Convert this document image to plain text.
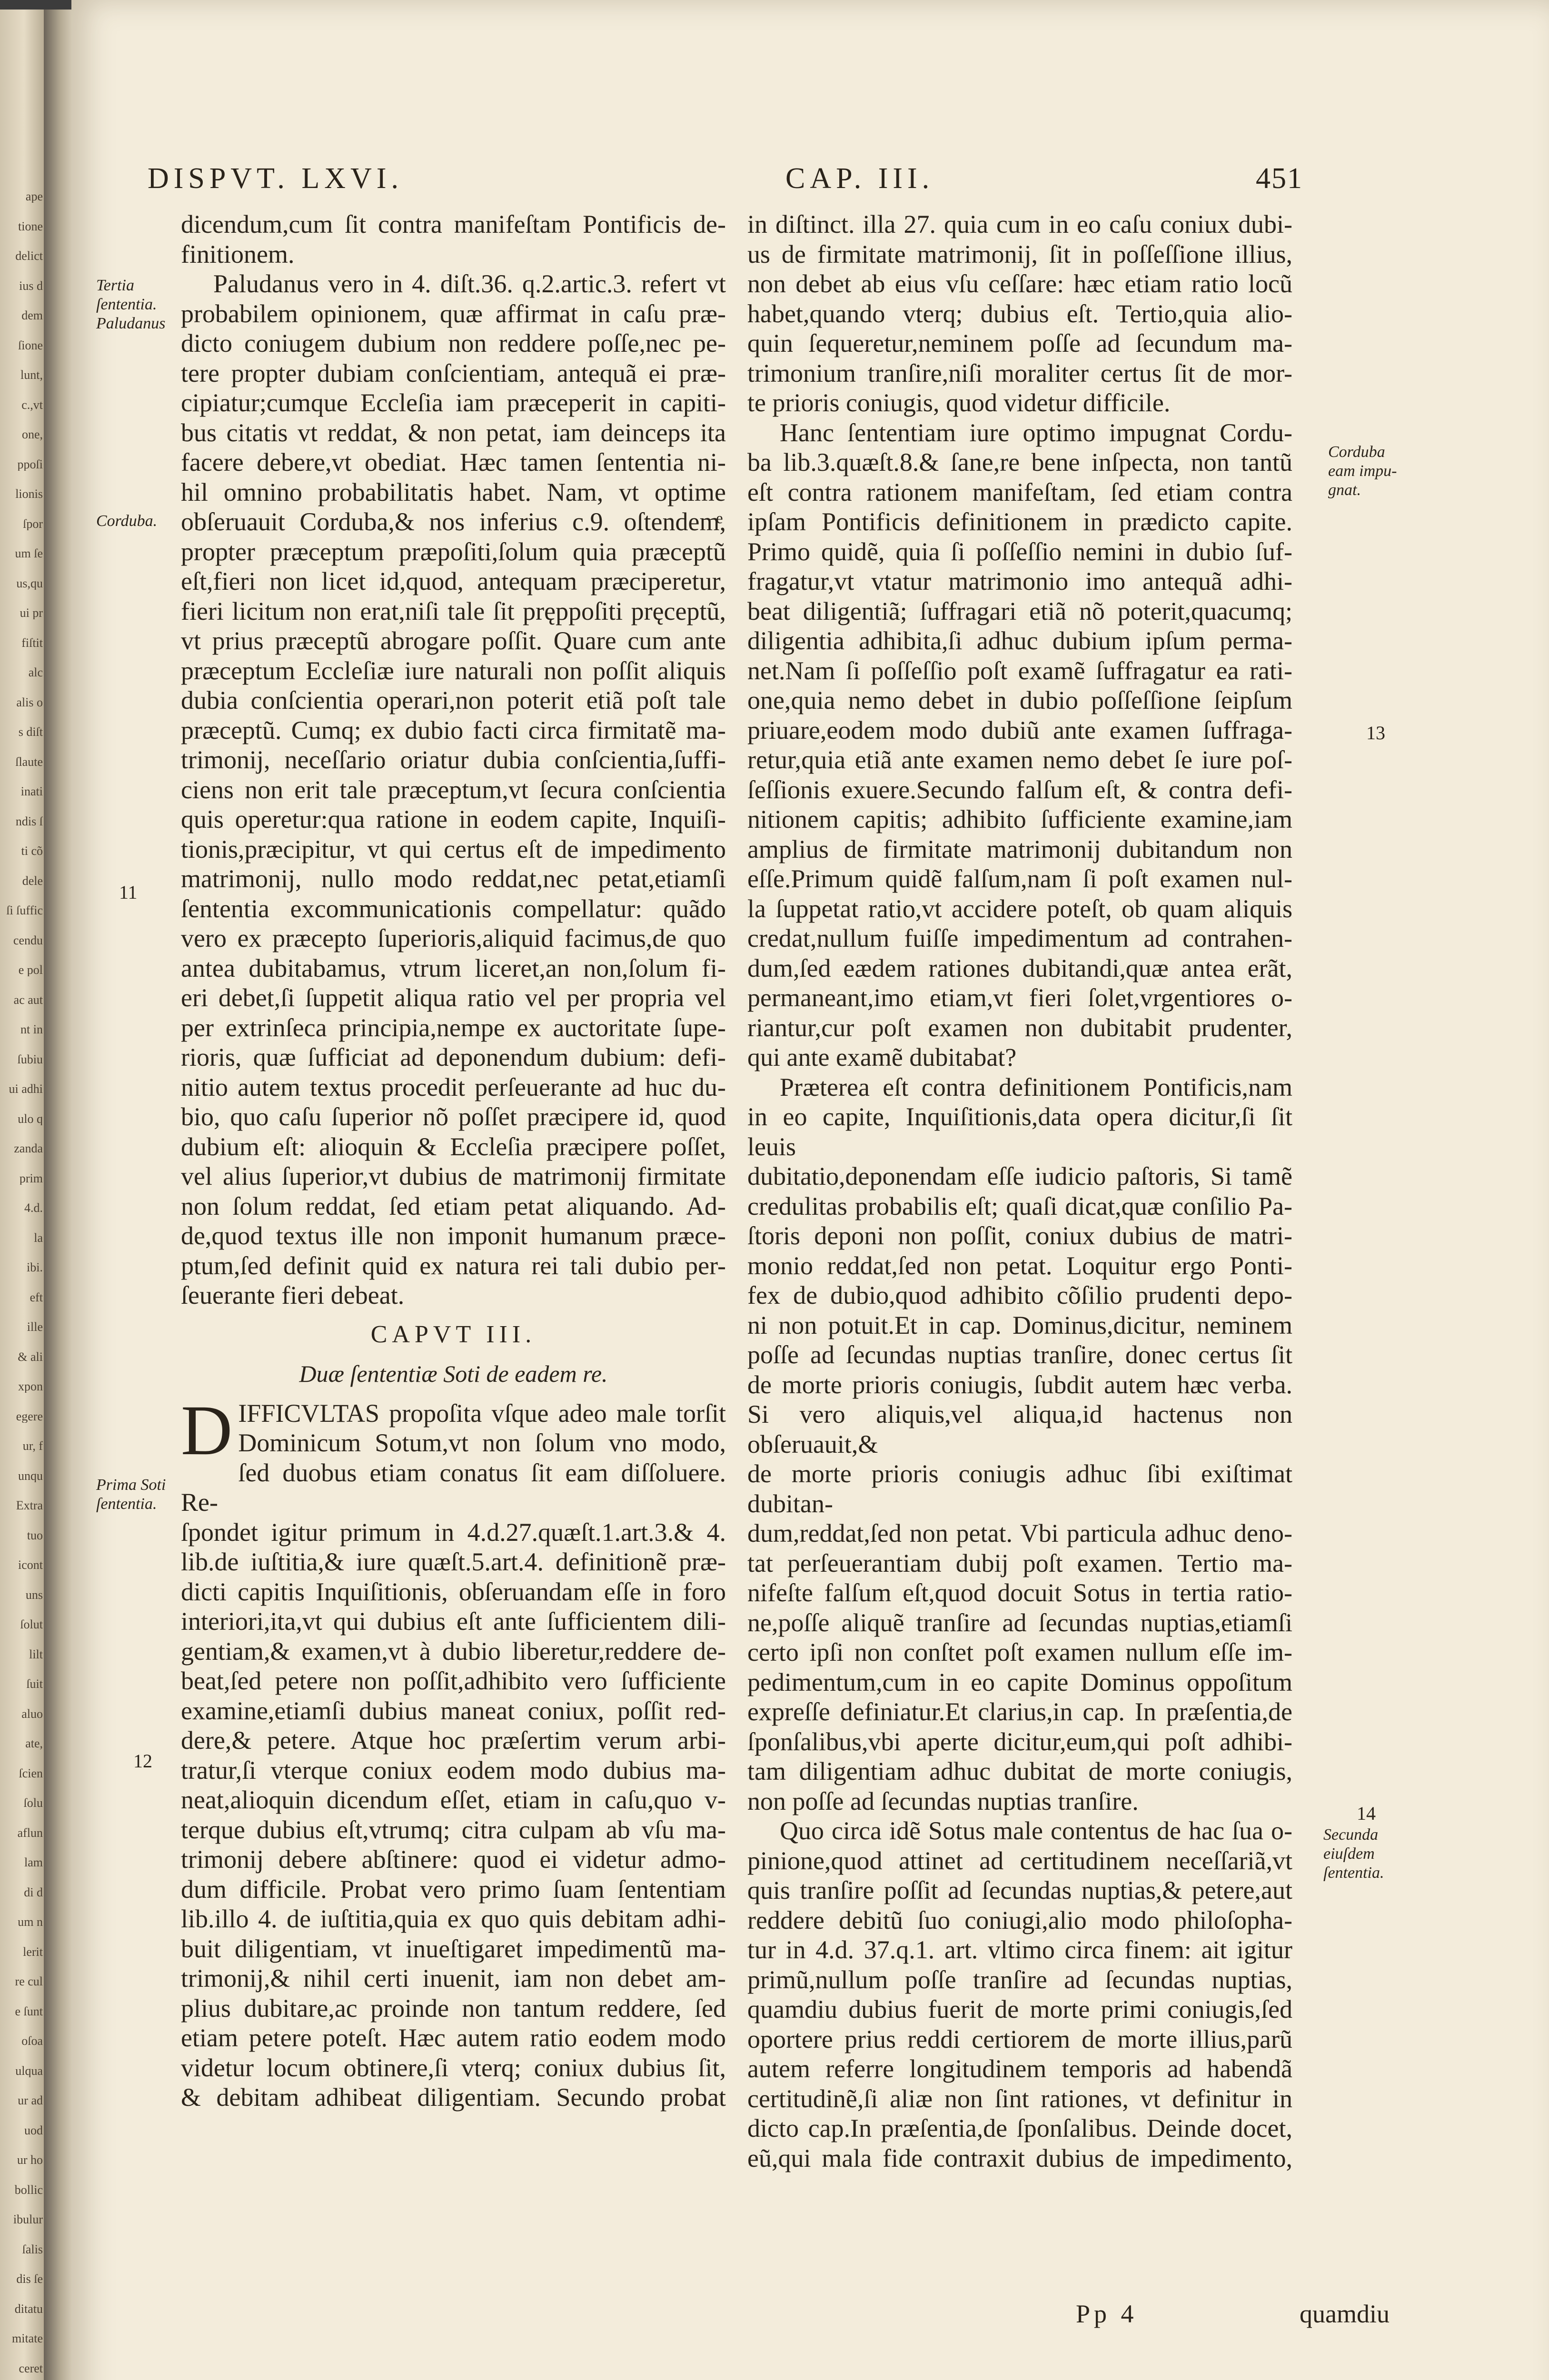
ape
tione
delict
ius d
dem
ſione
lunt,
c.,vt
one,
ppoſi
lionis
ſpor
um ſe
us,qu
ui pr
fiſtit
alc
alis o
s diſt
ſlaute
inati
ndis ſ
ti cõ
dele
ſi ſuffic
cendu
e pol
ac aut
nt in
ſubiu
ui adhi
ulo q
zanda
prim
4.d.
la
ibi.
eft
ille
& ali
xpon
egere
ur, f
unqu
Extra
tuo
icont
uns
ſolut
lilt
ſuit
aluo
ate,
ſcien
ſolu
aflun
lam
di d
um n
lerit
re cul
e ſunt
oſoa
ulqua
ur ad
uod
ur ho
bollic
ibulur
ſalis
dis ſe
ditatu
mitate
ceret
DISPVT. LXVI.	CAP. III.	451

dicendum,cum ſit contra manifeſtam Pontificis de-

finitionem.

Paludanus vero in 4. diſt.36. q.2.artic.3. refert vt

probabilem opinionem, quæ affirmat in caſu præ-

dicto coniugem dubium non reddere poſſe,nec pe-

tere propter dubiam conſcientiam, antequã ei præ-

cipiatur;cumque Eccleſia iam præceperit in capiti-

bus citatis vt reddat, & non petat, iam deinceps ita

facere debere,vt obediat. Hæc tamen ſententia ni-

hil omnino probabilitatis habet. Nam, vt optime

obſeruauit Corduba,& nos inferius c.9. oſtendemͤ,

propter præceptum præpoſiti,ſolum quia præceptũ

eſt,fieri non licet id,quod, antequam præciperetur,

fieri licitum non erat,niſi tale ſit pręppoſiti pręceptũ,

vt prius præceptũ abrogare poſſit. Quare cum ante

præceptum Eccleſiæ iure naturali non poſſit aliquis

dubia conſcientia operari,non poterit etiã poſt tale

præceptũ. Cumq; ex dubio facti circa firmitatẽ ma-

trimonij, neceſſario oriatur dubia conſcientia,ſuffi-

ciens non erit tale præceptum,vt ſecura conſcientia

quis operetur:qua ratione in eodem capite, Inquiſi-

tionis,præcipitur, vt qui certus eſt de impedimento

matrimonij, nullo modo reddat,nec petat,etiamſi

ſententia excommunicationis compellatur: quãdo

vero ex præcepto ſuperioris,aliquid facimus,de quo

antea dubitabamus, vtrum liceret,an non,ſolum fi-

eri debet,ſi ſuppetit aliqua ratio vel per propria vel

per extrinſeca principia,nempe ex auctoritate ſupe-

rioris, quæ ſufficiat ad deponendum dubium: defi-

nitio autem textus procedit perſeuerante ad huc du-

bio, quo caſu ſuperior nõ poſſet præcipere id, quod

dubium eſt: alioquin & Eccleſia præcipere poſſet,

vel alius ſuperior,vt dubius de matrimonij firmitate

non ſolum reddat, ſed etiam petat aliquando. Ad-

de,quod textus ille non imponit humanum præce-

ptum,ſed definit quid ex natura rei tali dubio per-

ſeuerante fieri debeat.

CAPVT III.

Duæ ſententiæ Soti de eadem re.

D IFFICVLTAS propoſita vſque adeo male torſit

Dominicum Sotum,vt non ſolum vno modo,

ſed duobus etiam conatus ſit eam diſſoluere. Re-

ſpondet igitur primum in 4.d.27.quæſt.1.art.3.& 4.

lib.de iuſtitia,& iure quæſt.5.art.4. definitionẽ præ-

dicti capitis Inquiſitionis, obſeruandam eſſe in foro

interiori,ita,vt qui dubius eſt ante ſufficientem dili-

gentiam,& examen,vt à dubio liberetur,reddere de-

beat,ſed petere non poſſit,adhibito vero ſufficiente

examine,etiamſi dubius maneat coniux, poſſit red-

dere,& petere. Atque hoc præſertim verum arbi-

tratur,ſi vterque coniux eodem modo dubius ma-

neat,alioquin dicendum eſſet, etiam in caſu,quo v-

terque dubius eſt,vtrumq; citra culpam ab vſu ma-

trimonij debere abſtinere: quod ei videtur admo-

dum difficile. Probat vero primo ſuam ſententiam

lib.illo 4. de iuſtitia,quia ex quo quis debitam adhi-

buit diligentiam, vt inueſtigaret impedimentũ ma-

trimonij,& nihil certi inuenit, iam non debet am-

plius dubitare,ac proinde non tantum reddere, ſed

etiam petere poteſt. Hæc autem ratio eodem modo

videtur locum obtinere,ſi vterq; coniux dubius ſit,

& debitam adhibeat diligentiam. Secundo probat

in diſtinct. illa 27. quia cum in eo caſu coniux dubi-

us de firmitate matrimonij, ſit in poſſeſſione illius,

non debet ab eius vſu ceſſare: hæc etiam ratio locũ

habet,quando vterq; dubius eſt. Tertio,quia alio-

quin ſequeretur,neminem poſſe ad ſecundum ma-

trimonium tranſire,niſi moraliter certus ſit de mor-

te prioris coniugis, quod videtur difficile.

Hanc ſententiam iure optimo impugnat Cordu-

ba lib.3.quæſt.8.& ſane,re bene inſpecta, non tantũ

eſt contra rationem manifeſtam, ſed etiam contra

ipſam Pontificis definitionem in prædicto capite.

Primo quidẽ, quia ſi poſſeſſio nemini in dubio ſuf-

fragatur,vt vtatur matrimonio imo antequã adhi-

beat diligentiã; ſuffragari etiã nõ poterit,quacumq;

diligentia adhibita,ſi adhuc dubium ipſum perma-

net.Nam ſi poſſeſſio poſt examẽ ſuffragatur ea rati-

one,quia nemo debet in dubio poſſeſſione ſeipſum

priuare,eodem modo dubiũ ante examen ſuffraga-

retur,quia etiã ante examen nemo debet ſe iure poſ-

ſeſſionis exuere.Secundo falſum eſt, & contra defi-

nitionem capitis; adhibito ſufficiente examine,iam

amplius de firmitate matrimonij dubitandum non

eſſe.Primum quidẽ falſum,nam ſi poſt examen nul-

la ſuppetat ratio,vt accidere poteſt, ob quam aliquis

credat,nullum fuiſſe impedimentum ad contrahen-

dum,ſed eædem rationes dubitandi,quæ antea erãt,

permaneant,imo etiam,vt fieri ſolet,vrgentiores o-

riantur,cur poſt examen non dubitabit prudenter,

qui ante examẽ dubitabat?

Præterea eſt contra definitionem Pontificis,nam

in eo capite, Inquiſitionis,data opera dicitur,ſi ſit leuis

dubitatio,deponendam eſſe iudicio paſtoris, Si tamẽ

credulitas probabilis eſt; quaſi dicat,quæ conſilio Pa-

ſtoris deponi non poſſit, coniux dubius de matri-

monio reddat,ſed non petat. Loquitur ergo Ponti-

fex de dubio,quod adhibito cõſilio prudenti depo-

ni non potuit.Et in cap. Dominus,dicitur, neminem

poſſe ad ſecundas nuptias tranſire, donec certus ſit

de morte prioris coniugis, ſubdit autem hæc verba.

Si vero aliquis,vel aliqua,id hactenus non obſeruauit,&

de morte prioris coniugis adhuc ſibi exiſtimat dubitan-

dum,reddat,ſed non petat. Vbi particula adhuc deno-

tat perſeuerantiam dubij poſt examen. Tertio ma-

nifeſte falſum eſt,quod docuit Sotus in tertia ratio-

ne,poſſe aliquẽ tranſire ad ſecundas nuptias,etiamſi

certo ipſi non conſtet poſt examen nullum eſſe im-

pedimentum,cum in eo capite Dominus oppoſitum

expreſſe definiatur.Et clarius,in cap. In præſentia,de

ſponſalibus,vbi aperte dicitur,eum,qui poſt adhibi-

tam diligentiam adhuc dubitat de morte coniugis,

non poſſe ad ſecundas nuptias tranſire.

Quo circa idẽ Sotus male contentus de hac ſua o-

pinione,quod attinet ad certitudinem neceſſariã,vt

quis tranſire poſſit ad ſecundas nuptias,& petere,aut

reddere debitũ ſuo coniugi,alio modo philoſopha-

tur in 4.d. 37.q.1. art. vltimo circa finem: ait igitur

primũ,nullum poſſe tranſire ad ſecundas nuptias,

quamdiu dubius fuerit de morte primi coniugis,ſed

oportere prius reddi certiorem de morte illius,parũ

autem referre longitudinem temporis ad habendã

certitudinẽ,ſi aliæ non ſint rationes, vt definitur in

dicto cap.In præſentia,de ſponſalibus. Deinde docet,

eũ,qui mala fide contraxit dubius de impedimento,

Tertia
ſententia.
Paludanus
Corduba.
11
Prima Soti
ſententia.
12
Corduba
eam impu-
gnat.
13
14
Secunda
eiuſdem
ſententia.
Pp 4	quamdiu
